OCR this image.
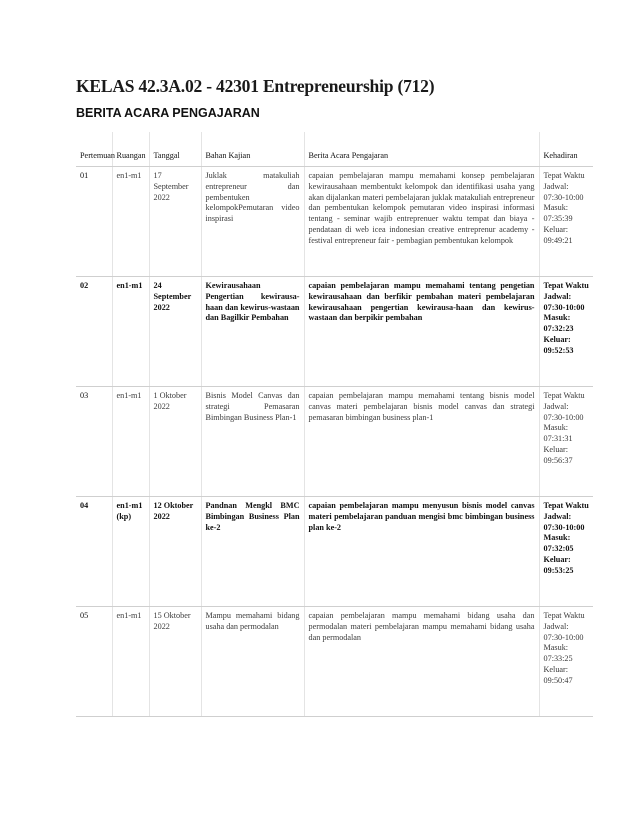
KELAS 42.3A.02 - 42301 Entrepreneurship (712)
BERITA ACARA PENGAJARAN
Pertemuan	Ruangan	Tanggal	Bahan Kajian	Berita Acara Pengajaran	Kehadiran
01	en1-m1	17 September 2022	Juklak matakuliah entrepreneur dan pembentuken kelompokPemutaran video inspirasi	capaian pembelajaran mampu memahami konsep pembelajaran kewirausahaan membentukt kelompok dan identifikasi usaha yang akan dijalankan materi pembelajaran juklak matakuliah entrepreneur dan pembentukan kelompok pemutaran video inspirasi informasi tentang - seminar wajib entreprenuer waktu tempat dan biaya - pendataan di web icea indonesian creative entreprenur academy - festival entrepreneur fair - pembagian pembentukan kelompok	Tepat Waktu Jadwal: 07:30-10:00 Masuk: 07:35:39 Keluar: 09:49:21
02	en1-m1	24 September 2022	Kewirausahaan Pengertian kewirausa-haan dan kewirus-wastaan dan Bagilkir Pembahan	capaian pembelajaran mampu memahami tentang pengetian kewirausahaan dan berfikir pembahan materi pembelajaran kewirausahaan pengertian kewirausa-haan dan kewirus-wastaan dan berpikir pembahan	Tepat Waktu Jadwal: 07:30-10:00 Masuk: 07:32:23 Keluar: 09:52:53
03	en1-m1	1 Oktober 2022	Bisnis Model Canvas dan strategi Pemasaran Bimbingan Business Plan-1	capaian pembelajaran mampu memahami tentang bisnis model canvas materi pembelajaran bisnis model canvas dan strategi pemasaran bimbingan business plan-1	Tepat Waktu Jadwal: 07:30-10:00 Masuk: 07:31:31 Keluar: 09:56:37
04	en1-m1 (kp)	12 Oktober 2022	Pandnan Mengkl BMC Bimbingan Business Plan ke-2	capaian pembelajaran mampu menyusun bisnis model canvas materi pembelajaran panduan mengisi bmc bimbingan business plan ke-2	Tepat Waktu Jadwal: 07:30-10:00 Masuk: 07:32:05 Keluar: 09:53:25
05	en1-m1	15 Oktober 2022	Mampu memahami bidang usaha dan permodalan	capaian pembelajaran mampu memahami bidang usaha dan permodalan materi pembelajaran mampu memahami bidang usaha dan permodalan	Tepat Waktu Jadwal: 07:30-10:00 Masuk: 07:33:25 Keluar: 09:50:47
